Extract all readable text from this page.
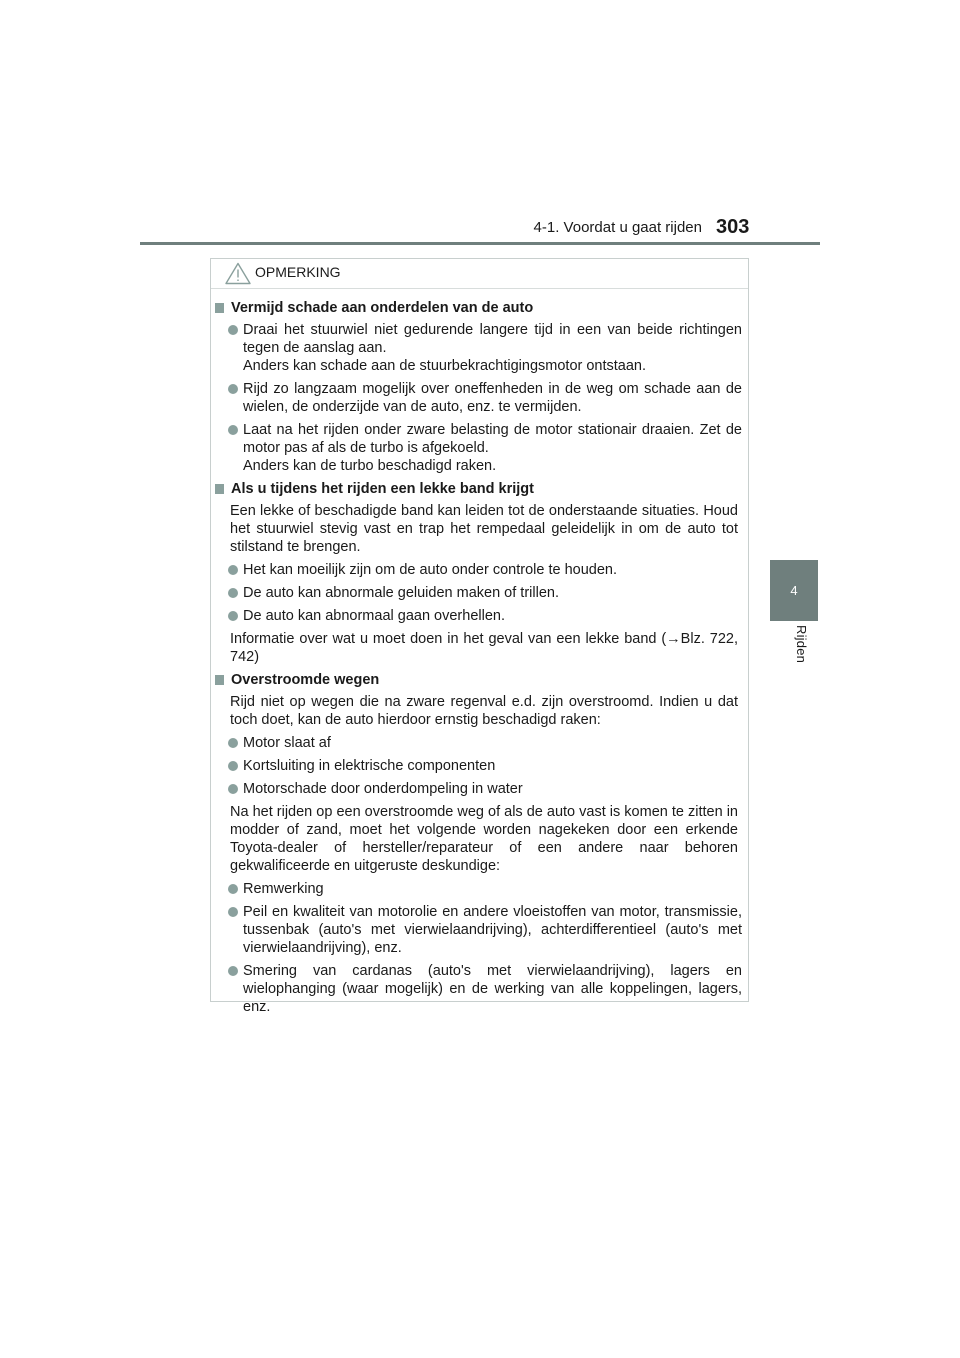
4-1. Voordat u gaat rijden 303
4
Rijden
OPMERKING
Vermijd schade aan onderdelen van de auto
Draai het stuurwiel niet gedurende langere tijd in een van beide richtingen tegen de aanslag aan.
Anders kan schade aan de stuurbekrachtigingsmotor ontstaan.
Rijd zo langzaam mogelijk over oneffenheden in de weg om schade aan de wielen, de onderzijde van de auto, enz. te vermijden.
Laat na het rijden onder zware belasting de motor stationair draaien. Zet de motor pas af als de turbo is afgekoeld.
Anders kan de turbo beschadigd raken.
Als u tijdens het rijden een lekke band krijgt
Een lekke of beschadigde band kan leiden tot de onderstaande situaties. Houd het stuurwiel stevig vast en trap het rempedaal geleidelijk in om de auto tot stilstand te brengen.
Het kan moeilijk zijn om de auto onder controle te houden.
De auto kan abnormale geluiden maken of trillen.
De auto kan abnormaal gaan overhellen.
Informatie over wat u moet doen in het geval van een lekke band (→Blz. 722, 742)
Overstroomde wegen
Rijd niet op wegen die na zware regenval e.d. zijn overstroomd. Indien u dat toch doet, kan de auto hierdoor ernstig beschadigd raken:
Motor slaat af
Kortsluiting in elektrische componenten
Motorschade door onderdompeling in water
Na het rijden op een overstroomde weg of als de auto vast is komen te zitten in modder of zand, moet het volgende worden nagekeken door een erkende Toyota-dealer of hersteller/reparateur of een andere naar behoren gekwalificeerde en uitgeruste deskundige:
Remwerking
Peil en kwaliteit van motorolie en andere vloeistoffen van motor, transmissie, tussenbak (auto's met vierwielaandrijving), achterdifferentieel (auto's met vierwielaandrijving), enz.
Smering van cardanas (auto's met vierwielaandrijving), lagers en wielophanging (waar mogelijk) en de werking van alle koppelingen, lagers, enz.
